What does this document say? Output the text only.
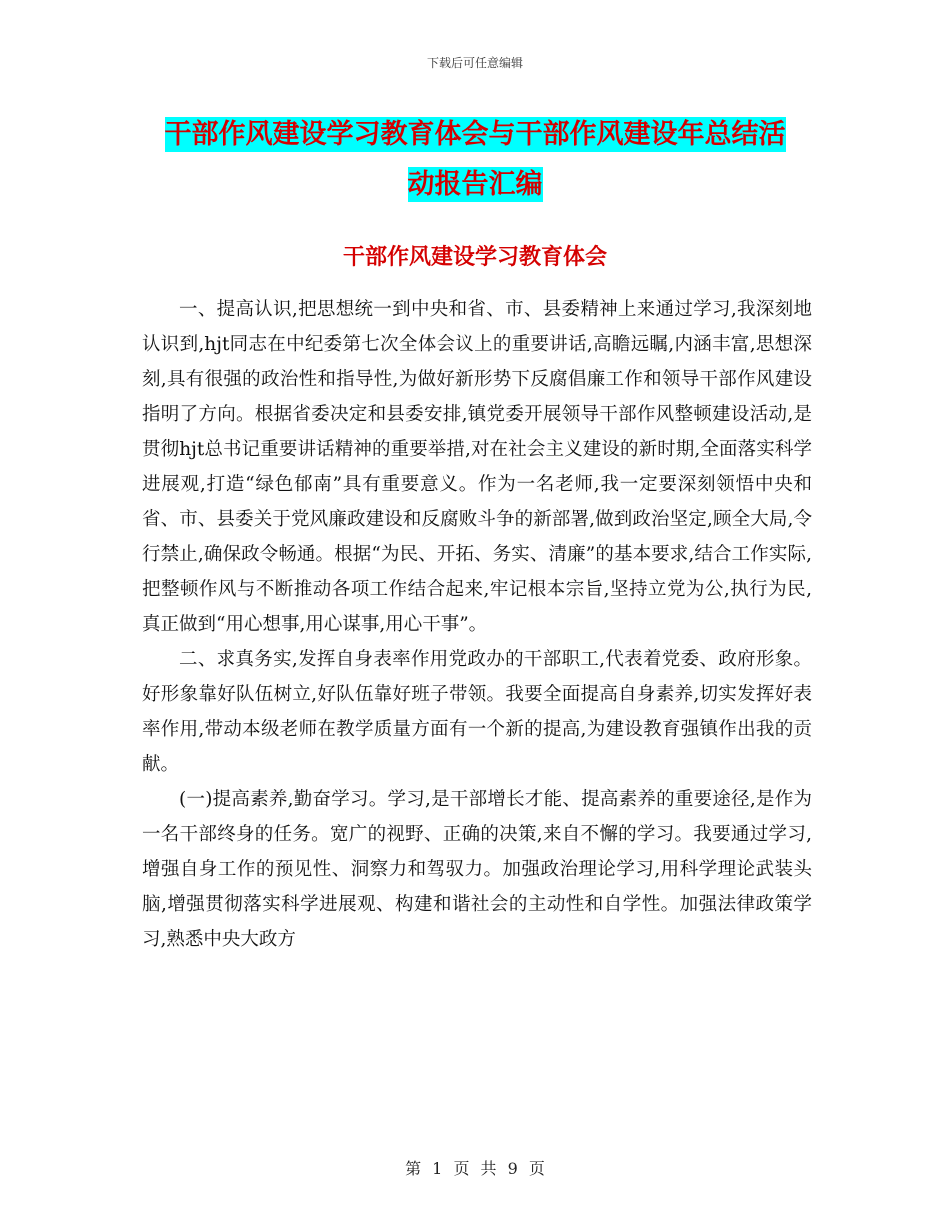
下载后可任意编辑
干部作风建设学习教育体会与干部作风建设年总结活
动报告汇编
干部作风建设学习教育体会

一、提高认识,把思想统一到中央和省、市、县委精神上来通过学习,我深刻地认识到,hjt同志在中纪委第七次全体会议上的重要讲话,高瞻远瞩,内涵丰富,思想深刻,具有很强的政治性和指导性,为做好新形势下反腐倡廉工作和领导干部作风建设指明了方向。根据省委决定和县委安排,镇党委开展领导干部作风整顿建设活动,是贯彻hjt总书记重要讲话精神的重要举措,对在社会主义建设的新时期,全面落实科学进展观,打造“绿色郁南”具有重要意义。作为一名老师,我一定要深刻领悟中央和省、市、县委关于党风廉政建设和反腐败斗争的新部署,做到政治坚定,顾全大局,令行禁止,确保政令畅通。根据“为民、开拓、务实、清廉”的基本要求,结合工作实际,把整顿作风与不断推动各项工作结合起来,牢记根本宗旨,坚持立党为公,执行为民,真正做到“用心想事,用心谋事,用心干事”。

二、求真务实,发挥自身表率作用党政办的干部职工,代表着党委、政府形象。好形象靠好队伍树立,好队伍靠好班子带领。我要全面提高自身素养,切实发挥好表率作用,带动本级老师在教学质量方面有一个新的提高,为建设教育强镇作出我的贡献。

(一)提高素养,勤奋学习。学习,是干部增长才能、提高素养的重要途径,是作为一名干部终身的任务。宽广的视野、正确的决策,来自不懈的学习。我要通过学习,增强自身工作的预见性、洞察力和驾驭力。加强政治理论学习,用科学理论武装头脑,增强贯彻落实科学进展观、构建和谐社会的主动性和自学性。加强法律政策学习,熟悉中央大政方

第 1 页 共 9 页
